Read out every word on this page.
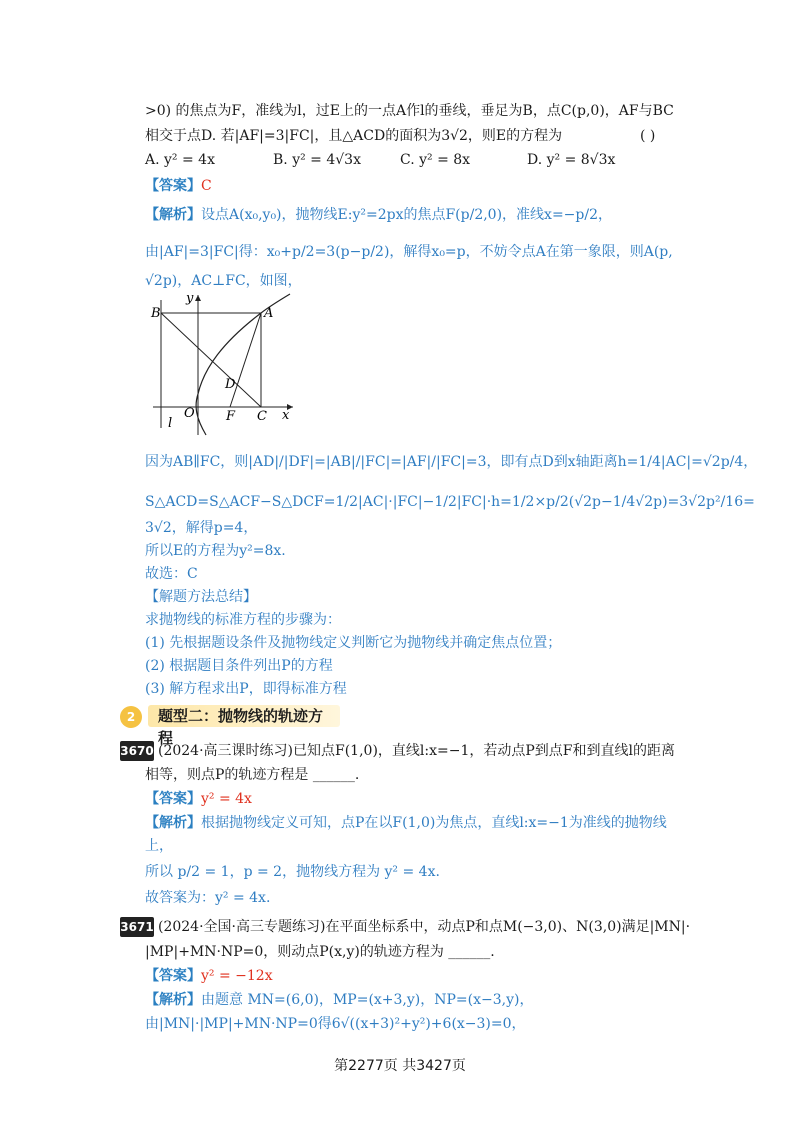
>0) 的焦点为F，准线为l，过E上的一点A作l的垂线，垂足为B，点C(p,0)，AF与BC
相交于点D. 若|AF|=3|FC|，且△ACD的面积为3√2，则E的方程为	( )
A. y² = 4x	B. y² = 4√3x	C. y² = 8x	D. y² = 8√3x
【答案】C
【解析】设点A(x₀,y₀)，抛物线E:y²=2px的焦点F(p/2,0)，准线x=−p/2，
由|AF|=3|FC|得：x₀+p/2=3(p−p/2)，解得x₀=p，不妨令点A在第一象限，则A(p,
√2p)，AC⊥FC，如图，
B
y
A
D
O F C x
l
因为AB∥FC，则|AD|/|DF|=|AB|/|FC|=|AF|/|FC|=3，即有点D到x轴距离h=1/4|AC|=√2p/4，
S△ACD=S△ACF−S△DCF=1/2|AC|·|FC|−1/2|FC|·h=1/2×p/2(√2p−1/4√2p)=3√2p²/16=
3√2，解得p=4，
所以E的方程为y²=8x.
故选：C
【解题方法总结】
求抛物线的标准方程的步骤为：
(1) 先根据题设条件及抛物线定义判断它为抛物线并确定焦点位置；
(2) 根据题目条件列出P的方程
(3) 解方程求出P，即得标准方程
2	题型二：抛物线的轨迹方程
3670 (2024·高三课时练习)已知点F(1,0)，直线l:x=−1，若动点P到点F和到直线l的距离
相等，则点P的轨迹方程是 ______.
【答案】y² = 4x
【解析】根据抛物线定义可知，点P在以F(1,0)为焦点，直线l:x=−1为准线的抛物线
上，
所以 p/2 = 1，p = 2，抛物线方程为 y² = 4x.
故答案为：y² = 4x.
3671 (2024·全国·高三专题练习)在平面坐标系中，动点P和点M(−3,0)、N(3,0)满足|MN|·
|MP|+MN·NP=0，则动点P(x,y)的轨迹方程为 ______.
【答案】y² = −12x
【解析】由题意 MN=(6,0)，MP=(x+3,y)，NP=(x−3,y)，
由|MN|·|MP|+MN·NP=0得6√((x+3)²+y²)+6(x−3)=0，
第2277页 共3427页
